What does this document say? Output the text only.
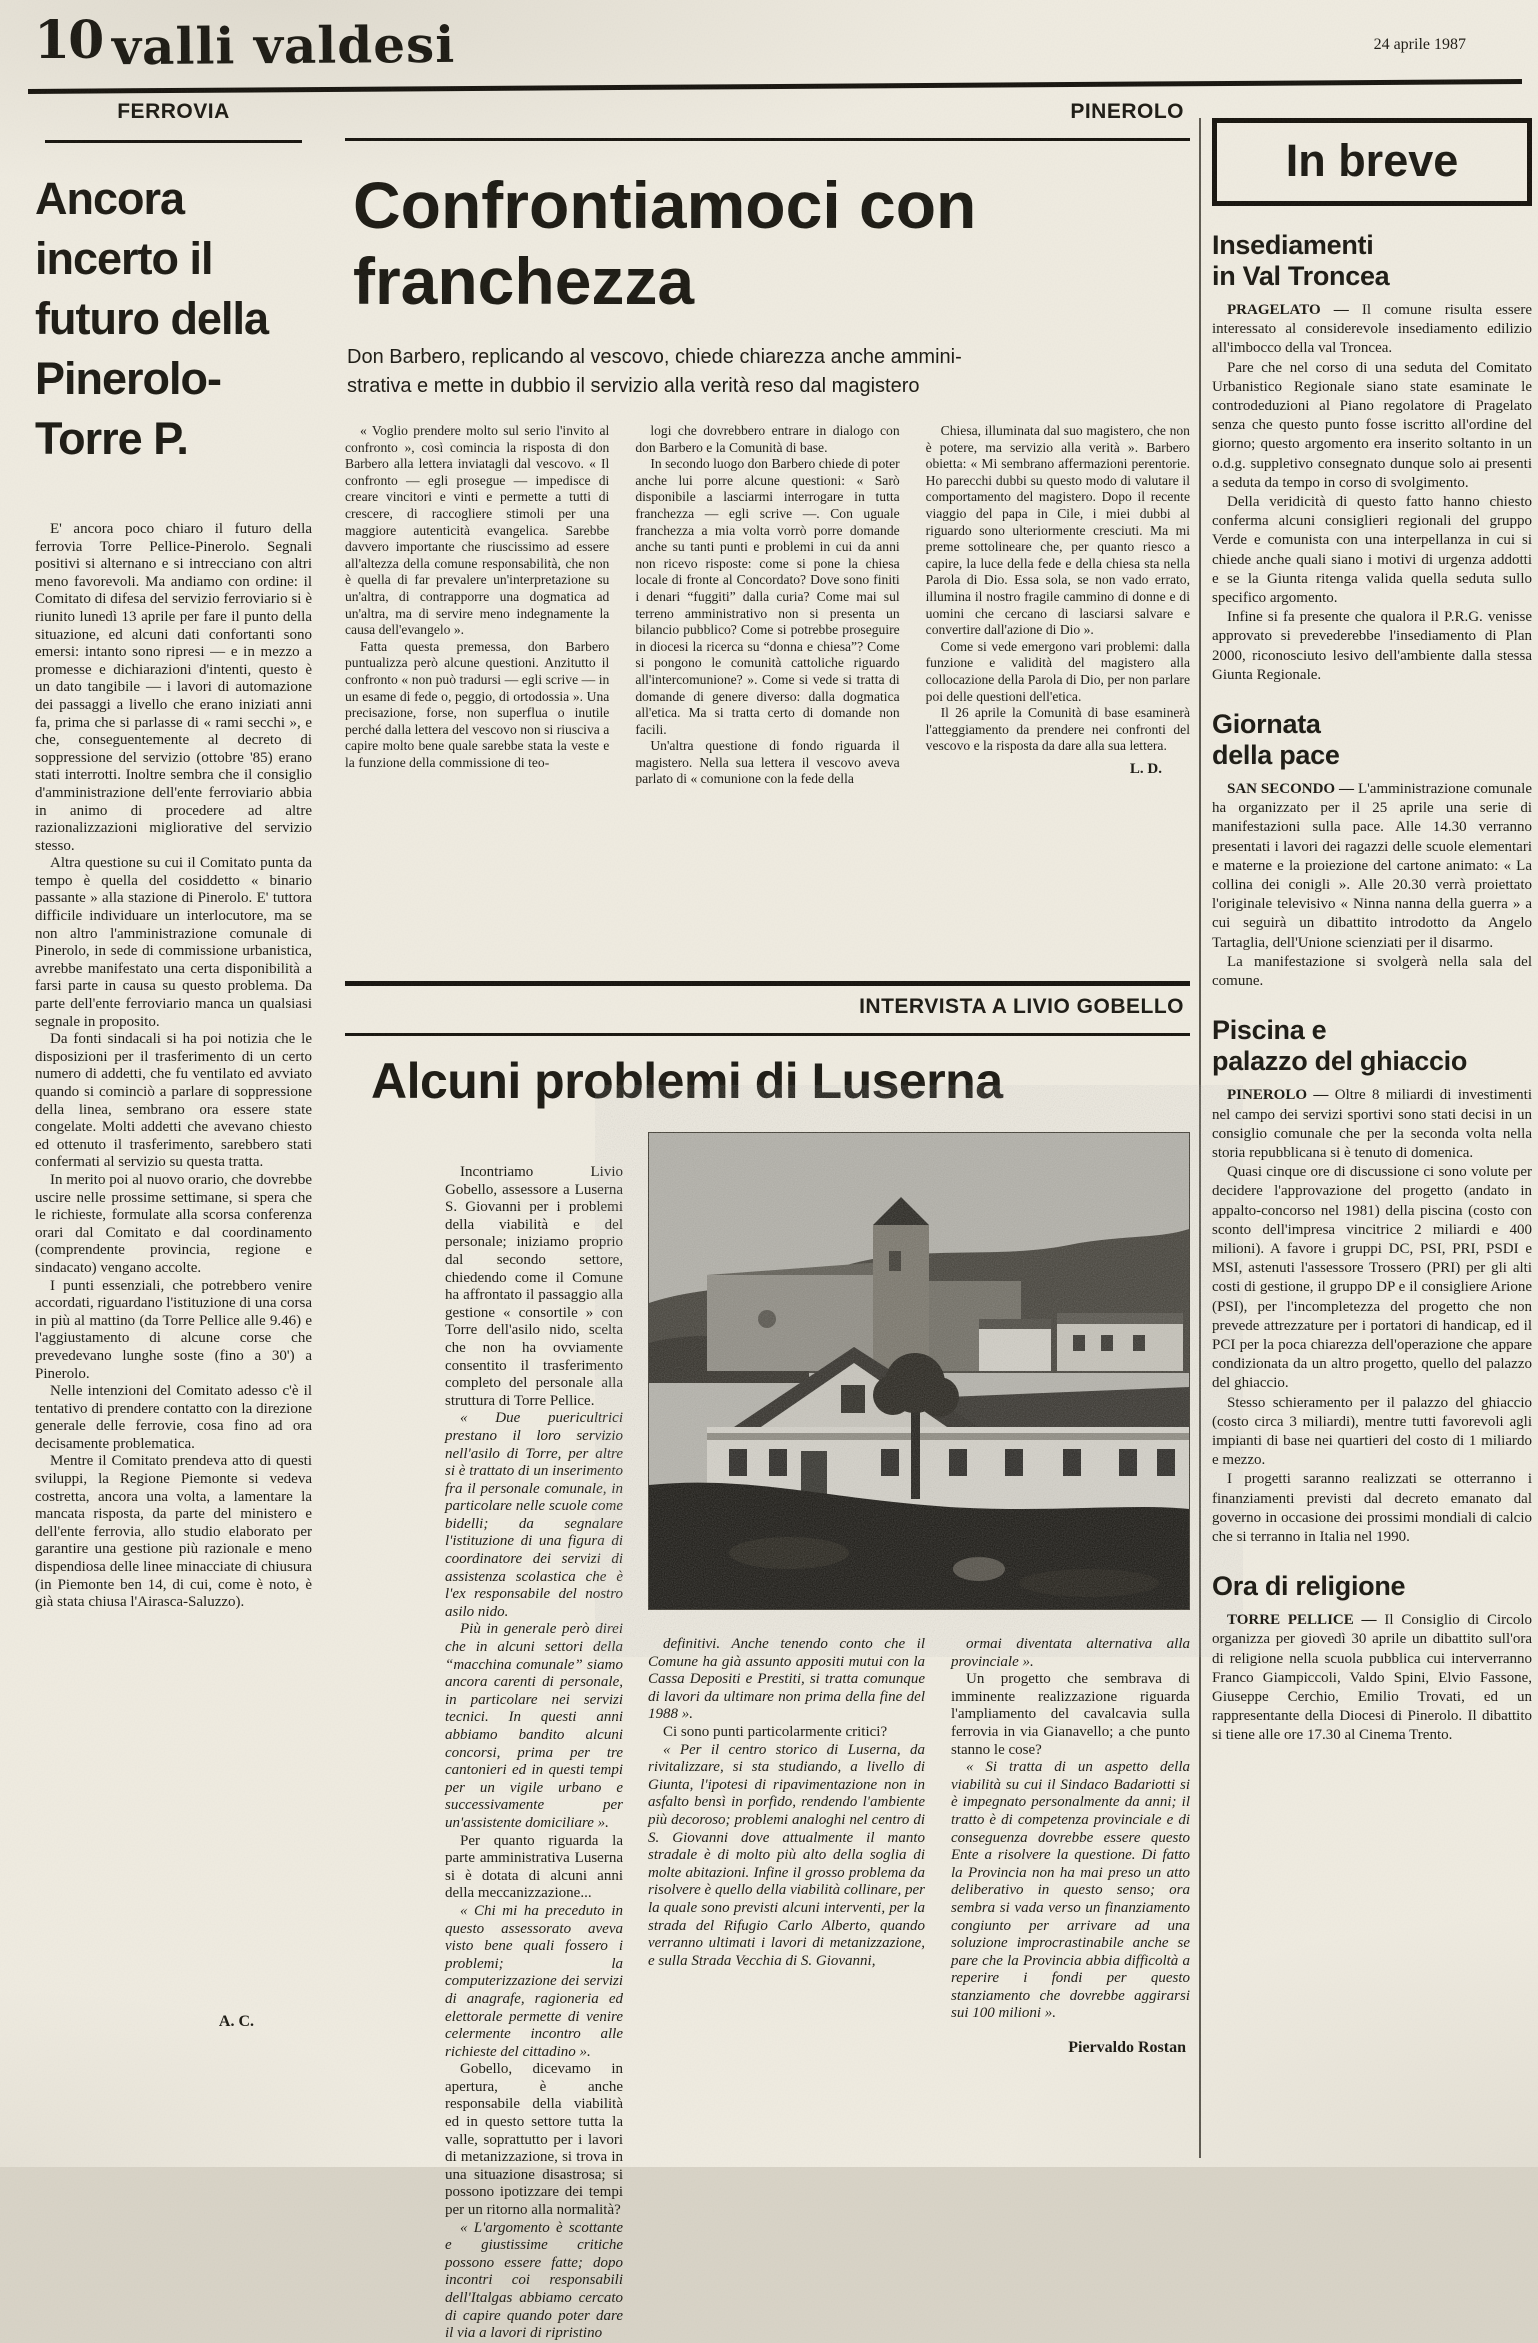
10 valli valdesi	24 aprile 1987
FERROVIA
Ancora incerto il futuro della Pinerolo- Torre P.

E' ancora poco chiaro il futuro della ferrovia Torre Pellice-Pinerolo. Segnali positivi si alternano e si intrecciano con altri meno favorevoli. Ma andiamo con ordine: il Comitato di difesa del servizio ferroviario si è riunito lunedì 13 aprile per fare il punto della situazione, ed alcuni dati confortanti sono emersi: intanto sono ripresi — e in mezzo a promesse e dichiarazioni d'intenti, questo è un dato tangibile — i lavori di automazione dei passaggi a livello che erano iniziati anni fa, prima che si parlasse di « rami secchi », e che, conseguentemente al decreto di soppressione del servizio (ottobre '85) erano stati interrotti. Inoltre sembra che il consiglio d'amministrazione dell'ente ferroviario abbia in animo di procedere ad altre razionalizzazioni migliorative del servizio stesso.

Altra questione su cui il Comitato punta da tempo è quella del cosiddetto « binario passante » alla stazione di Pinerolo. E' tuttora difficile individuare un interlocutore, ma se non altro l'amministrazione comunale di Pinerolo, in sede di commissione urbanistica, avrebbe manifestato una certa disponibilità a farsi parte in causa su questo problema. Da parte dell'ente ferroviario manca un qualsiasi segnale in proposito.

Da fonti sindacali si ha poi notizia che le disposizioni per il trasferimento di un certo numero di addetti, che fu ventilato ed avviato quando si cominciò a parlare di soppressione della linea, sembrano ora essere state congelate. Molti addetti che avevano chiesto ed ottenuto il trasferimento, sarebbero stati confermati al servizio su questa tratta.

In merito poi al nuovo orario, che dovrebbe uscire nelle prossime settimane, si spera che le richieste, formulate alla scorsa conferenza orari dal Comitato e dal coordinamento (comprendente provincia, regione e sindacato) vengano accolte.

I punti essenziali, che potrebbero venire accordati, riguardano l'istituzione di una corsa in più al mattino (da Torre Pellice alle 9.46) e l'aggiustamento di alcune corse che prevedevano lunghe soste (fino a 30') a Pinerolo.

Nelle intenzioni del Comitato adesso c'è il tentativo di prendere contatto con la direzione generale delle ferrovie, cosa fino ad ora decisamente problematica.

Mentre il Comitato prendeva atto di questi sviluppi, la Regione Piemonte si vedeva costretta, ancora una volta, a lamentare la mancata risposta, da parte del ministero e dell'ente ferrovia, allo studio elaborato per garantire una gestione più razionale e meno dispendiosa delle linee minacciate di chiusura (in Piemonte ben 14, di cui, come è noto, è già stata chiusa l'Airasca-Saluzzo).

A. C.
PINEROLO
Confrontiamoci con franchezza
Don Barbero, replicando al vescovo, chiede chiarezza anche ammini-
strativa e mette in dubbio il servizio alla verità reso dal magistero

« Voglio prendere molto sul serio l'invito al confronto », così comincia la risposta di don Barbero alla lettera inviatagli dal vescovo. « Il confronto — egli prosegue — impedisce di creare vincitori e vinti e permette a tutti di crescere, di raccogliere stimoli per una maggiore autenticità evangelica. Sarebbe davvero importante che riuscissimo ad essere all'altezza della comune responsabilità, che non è quella di far prevalere un'interpretazione su un'altra, di contrapporre una dogmatica ad un'altra, ma di servire meno indegnamente la causa dell'evangelo ».

Fatta questa premessa, don Barbero puntualizza però alcune questioni. Anzitutto il confronto « non può tradursi — egli scrive — in un esame di fede o, peggio, di ortodossia ». Una precisazione, forse, non superflua o inutile perché dalla lettera del vescovo non si riusciva a capire molto bene quale sarebbe stata la veste e la funzione della commissione di teo-

logi che dovrebbero entrare in dialogo con don Barbero e la Comunità di base.

In secondo luogo don Barbero chiede di poter anche lui porre alcune questioni: « Sarò disponibile a lasciarmi interrogare in tutta franchezza — egli scrive —. Con uguale franchezza a mia volta vorrò porre domande anche su tanti punti e problemi in cui da anni non ricevo risposte: come si pone la chiesa locale di fronte al Concordato? Dove sono finiti i denari “fuggiti” dalla curia? Come mai sul terreno amministrativo non si presenta un bilancio pubblico? Come si potrebbe proseguire in diocesi la ricerca su “donna e chiesa”? Come si pongono le comunità cattoliche riguardo all'intercomunione? ». Come si vede si tratta di domande di genere diverso: dalla dogmatica all'etica. Ma si tratta certo di domande non facili.

Un'altra questione di fondo riguarda il magistero. Nella sua lettera il vescovo aveva parlato di « comunione con la fede della

Chiesa, illuminata dal suo magistero, che non è potere, ma servizio alla verità ». Barbero obietta: « Mi sembrano affermazioni perentorie. Ho parecchi dubbi su questo modo di valutare il comportamento del magistero. Dopo il recente viaggio del papa in Cile, i miei dubbi al riguardo sono ulteriormente cresciuti. Ma mi preme sottolineare che, per quanto riesco a capire, la luce della fede e della chiesa sta nella Parola di Dio. Essa sola, se non vado errato, illumina il nostro fragile cammino di donne e di uomini che cercano di lasciarsi salvare e convertire dall'azione di Dio ».

Come si vede emergono vari problemi: dalla funzione e validità del magistero alla collocazione della Parola di Dio, per non parlare poi delle questioni dell'etica.

Il 26 aprile la Comunità di base esaminerà l'atteggiamento da prendere nei confronti del vescovo e la risposta da dare alla sua lettera.

L. D.
INTERVISTA A LIVIO GOBELLO
Alcuni problemi di Luserna

Incontriamo Livio Gobello, assessore a Luserna S. Giovanni per i problemi della viabilità e del personale; iniziamo proprio dal secondo settore, chiedendo come il Comune ha affrontato il passaggio alla gestione « consortile » con Torre dell'asilo nido, scelta che non ha ovviamente consentito il trasferimento completo del personale alla struttura di Torre Pellice.

« Due puericultrici prestano il loro servizio nell'asilo di Torre, per altre si è trattato di un inserimento fra il personale comunale, in particolare nelle scuole come bidelli; da segnalare l'istituzione di una figura di coordinatore dei servizi di assistenza scolastica che è l'ex responsabile del nostro asilo nido.

Più in generale però direi che in alcuni settori della “macchina comunale” siamo ancora carenti di personale, in particolare nei servizi tecnici. In questi anni abbiamo bandito alcuni concorsi, prima per tre cantonieri ed in questi tempi per un vigile urbano e successivamente per un'assistente domiciliare ».

Per quanto riguarda la parte amministrativa Luserna si è dotata di alcuni anni della meccanizzazione...

« Chi mi ha preceduto in questo assessorato aveva visto bene quali fossero i problemi; la computerizzazione dei servizi di anagrafe, ragioneria ed elettorale permette di venire celermente incontro alle richieste del cittadino ».

Gobello, dicevamo in apertura, è anche responsabile della viabilità ed in questo settore tutta la valle, soprattutto per i lavori di metanizzazione, si trova in una situazione disastrosa; si possono ipotizzare dei tempi per un ritorno alla normalità?

« L'argomento è scottante e giustissime critiche possono essere fatte; dopo incontri coi responsabili dell'Italgas abbiamo cercato di capire quando poter dare il via a lavori di ripristino

definitivi. Anche tenendo conto che il Comune ha già assunto appositi mutui con la Cassa Depositi e Prestiti, si tratta comunque di lavori da ultimare non prima della fine del 1988 ».

Ci sono punti particolarmente critici?

« Per il centro storico di Luserna, da rivitalizzare, si sta studiando, a livello di Giunta, l'ipotesi di ripavimentazione non in asfalto bensì in porfido, rendendo l'ambiente più decoroso; problemi analoghi nel centro di S. Giovanni dove attualmente il manto stradale è di molto più alto della soglia di molte abitazioni. Infine il grosso problema da risolvere è quello della viabilità collinare, per la quale sono previsti alcuni interventi, per la strada del Rifugio Carlo Alberto, quando verranno ultimati i lavori di metanizzazione, e sulla Strada Vecchia di S. Giovanni,

ormai diventata alternativa alla provinciale ».

Un progetto che sembrava di imminente realizzazione riguarda l'ampliamento del cavalcavia sulla ferrovia in via Gianavello; a che punto stanno le cose?

« Si tratta di un aspetto della viabilità su cui il Sindaco Badariotti si è impegnato personalmente da anni; il tratto è di competenza provinciale e di conseguenza dovrebbe essere questo Ente a risolvere la questione. Di fatto la Provincia non ha mai preso un atto deliberativo in questo senso; ora sembra si vada verso un finanziamento congiunto per arrivare ad una soluzione improcrastinabile anche se pare che la Provincia abbia difficoltà a reperire i fondi per questo stanziamento che dovrebbe aggirarsi sui 100 milioni ».

Piervaldo Rostan
In breve
Insediamenti
in Val Troncea

PRAGELATO — Il comune risulta essere interessato al considerevole insediamento edilizio all'imbocco della val Troncea.

Pare che nel corso di una seduta del Comitato Urbanistico Regionale siano state esaminate le controdeduzioni al Piano regolatore di Pragelato senza che questo punto fosse iscritto all'ordine del giorno; questo argomento era inserito soltanto in un o.d.g. suppletivo consegnato dunque solo ai presenti a seduta da tempo in corso di svolgimento.

Della veridicità di questo fatto hanno chiesto conferma alcuni consiglieri regionali del gruppo Verde e comunista con una interpellanza in cui si chiede anche quali siano i motivi di urgenza addotti e se la Giunta ritenga valida quella seduta sullo specifico argomento.

Infine si fa presente che qualora il P.R.G. venisse approvato si prevederebbe l'insediamento di Plan 2000, riconosciuto lesivo dell'ambiente dalla stessa Giunta Regionale.

Giornata
della pace

SAN SECONDO — L'amministrazione comunale ha organizzato per il 25 aprile una serie di manifestazioni sulla pace. Alle 14.30 verranno presentati i lavori dei ragazzi delle scuole elementari e materne e la proiezione del cartone animato: « La collina dei conigli ». Alle 20.30 verrà proiettato l'originale televisivo « Ninna nanna della guerra » a cui seguirà un dibattito introdotto da Angelo Tartaglia, dell'Unione scienziati per il disarmo.

La manifestazione si svolgerà nella sala del comune.

Piscina e
palazzo del ghiaccio

PINEROLO — Oltre 8 miliardi di investimenti nel campo dei servizi sportivi sono stati decisi in un consiglio comunale che per la seconda volta nella storia repubblicana si è tenuto di domenica.

Quasi cinque ore di discussione ci sono volute per decidere l'approvazione del progetto (andato in appalto-concorso nel 1981) della piscina (costo con sconto dell'impresa vincitrice 2 miliardi e 400 milioni). A favore i gruppi DC, PSI, PRI, PSDI e MSI, astenuti l'assessore Trossero (PRI) per gli alti costi di gestione, il gruppo DP e il consigliere Arione (PSI), per l'incompletezza del progetto che non prevede attrezzature per i portatori di handicap, ed il PCI per la poca chiarezza dell'operazione che appare condizionata da un altro progetto, quello del palazzo del ghiaccio.

Stesso schieramento per il palazzo del ghiaccio (costo circa 3 miliardi), mentre tutti favorevoli agli impianti di base nei quartieri del costo di 1 miliardo e mezzo.

I progetti saranno realizzati se otterranno i finanziamenti previsti dal decreto emanato dal governo in occasione dei prossimi mondiali di calcio che si terranno in Italia nel 1990.

Ora di religione

TORRE PELLICE — Il Consiglio di Circolo organizza per giovedì 30 aprile un dibattito sull'ora di religione nella scuola pubblica cui interverranno Franco Giampiccoli, Valdo Spini, Elvio Fassone, Giuseppe Cerchio, Emilio Trovati, ed un rappresentante della Diocesi di Pinerolo. Il dibattito si tiene alle ore 17.30 al Cinema Trento.
